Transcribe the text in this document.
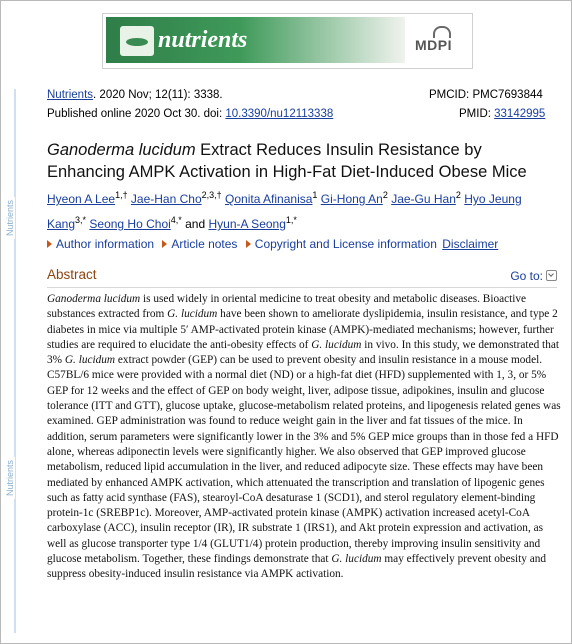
Nutrients
Nutrients
nutrients	MDPI
Nutrients. 2020 Nov; 12(11): 3338.	PMCID: PMC7693844
Published online 2020 Oct 30. doi: 10.3390/nu12113338	PMID: 33142995
Ganoderma lucidum Extract Reduces Insulin Resistance by Enhancing AMPK Activation in High-Fat Diet-Induced Obese Mice
Hyeon A Lee$^{1,\dagger}$ Jae-Han Cho$^{2,3,\dagger}$ Qonita Afinanisa$^1$ Gi-Hong An$^2$ Jae-Gu Han$^2$ Hyo Jeung Kang$^{3,*}$ Seong Ho Choi$^{4,*}$ and Hyun-A Seong$^{1,*}$
Author information Article notes Copyright and License information Disclaimer
Abstract	Go to:
Ganoderma lucidum is used widely in oriental medicine to treat obesity and metabolic diseases. Bioactive substances extracted from G. lucidum have been shown to ameliorate dyslipidemia, insulin resistance, and type 2 diabetes in mice via multiple 5′ AMP-activated protein kinase (AMPK)-mediated mechanisms; however, further studies are required to elucidate the anti-obesity effects of G. lucidum in vivo. In this study, we demonstrated that 3% G. lucidum extract powder (GEP) can be used to prevent obesity and insulin resistance in a mouse model. C57BL/6 mice were provided with a normal diet (ND) or a high-fat diet (HFD) supplemented with 1, 3, or 5% GEP for 12 weeks and the effect of GEP on body weight, liver, adipose tissue, adipokines, insulin and glucose tolerance (ITT and GTT), glucose uptake, glucose-metabolism related proteins, and lipogenesis related genes was examined. GEP administration was found to reduce weight gain in the liver and fat tissues of the mice. In addition, serum parameters were significantly lower in the 3% and 5% GEP mice groups than in those fed a HFD alone, whereas adiponectin levels were significantly higher. We also observed that GEP improved glucose metabolism, reduced lipid accumulation in the liver, and reduced adipocyte size. These effects may have been mediated by enhanced AMPK activation, which attenuated the transcription and translation of lipogenic genes such as fatty acid synthase (FAS), stearoyl-CoA desaturase 1 (SCD1), and sterol regulatory element-binding protein-1c (SREBP1c). Moreover, AMP-activated protein kinase (AMPK) activation increased acetyl-CoA carboxylase (ACC), insulin receptor (IR), IR substrate 1 (IRS1), and Akt protein expression and activation, as well as glucose transporter type 1/4 (GLUT1/4) protein production, thereby improving insulin sensitivity and glucose metabolism. Together, these findings demonstrate that G. lucidum may effectively prevent obesity and suppress obesity-induced insulin resistance via AMPK activation.
